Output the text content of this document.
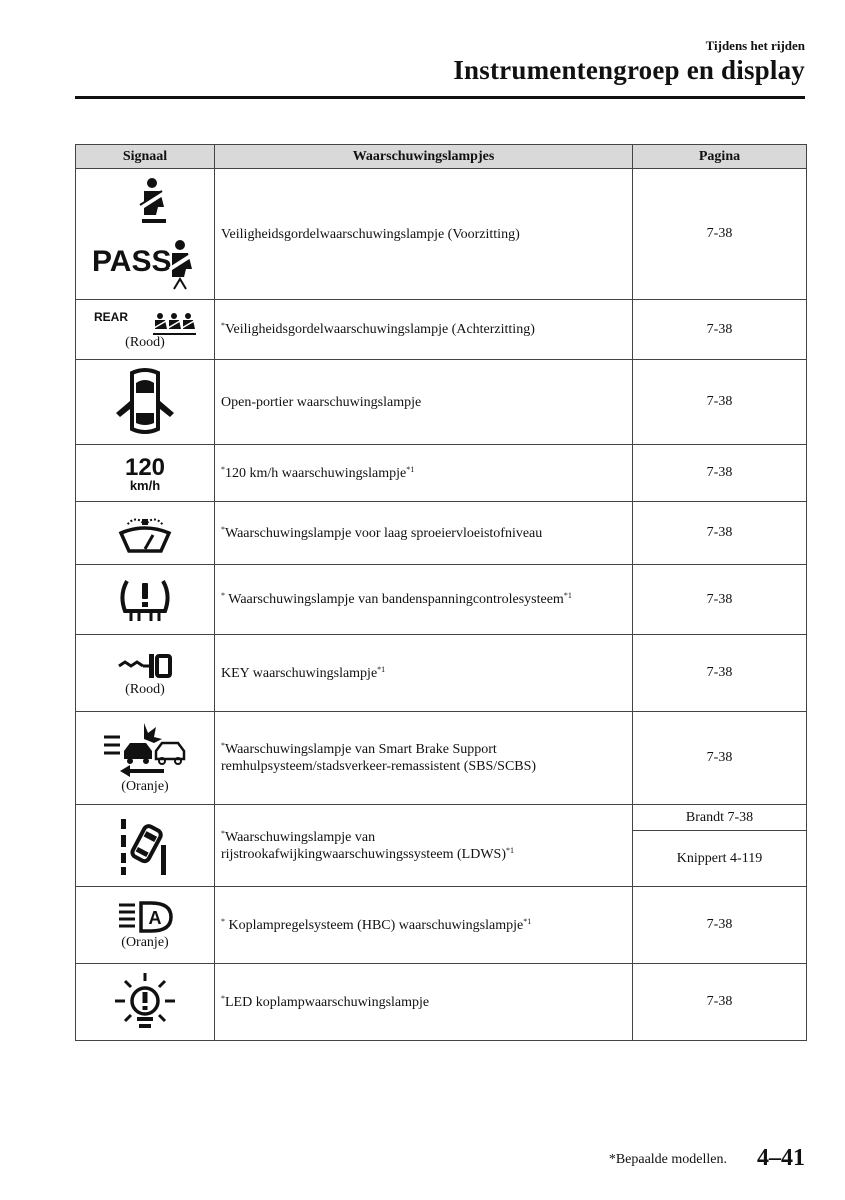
Tijdens het rijden
Instrumentengroep en display
Signaal	Waarschuwingslampjes	Pagina

PASS	Veiligheidsgordelwaarschuwingslampje (Voorzitting)	7-38

REAR
(Rood)	*Veiligheidsgordelwaarschuwingslampje (Achterzitting)	7-38

	Open-portier waarschuwingslampje	7-38

120
km/h	*120 km/h waarschuwingslampje$^{*1}$	7-38

	*Waarschuwingslampje voor laag sproeiervloeistofniveau	7-38

	* Waarschuwingslampje van bandenspanningcontrolesysteem$^{*1}$	7-38

(Rood)	KEY waarschuwingslampje$^{*1}$	7-38

(Oranje)	*Waarschuwingslampje van Smart Brake Support
remhulpsysteem/stadsverkeer-remassistent (SBS/SCBS)	7-38

	*Waarschuwingslampje van
rijstrookafwijkingwaarschuwingssysteem (LDWS)$^{*1}$	Brandt 7-38
		Knippert 4-119

A
(Oranje)	* Koplampregelsysteem (HBC) waarschuwingslampje$^{*1}$	7-38

	*LED koplampwaarschuwingslampje	7-38
*Bepaalde modellen. 4–41
